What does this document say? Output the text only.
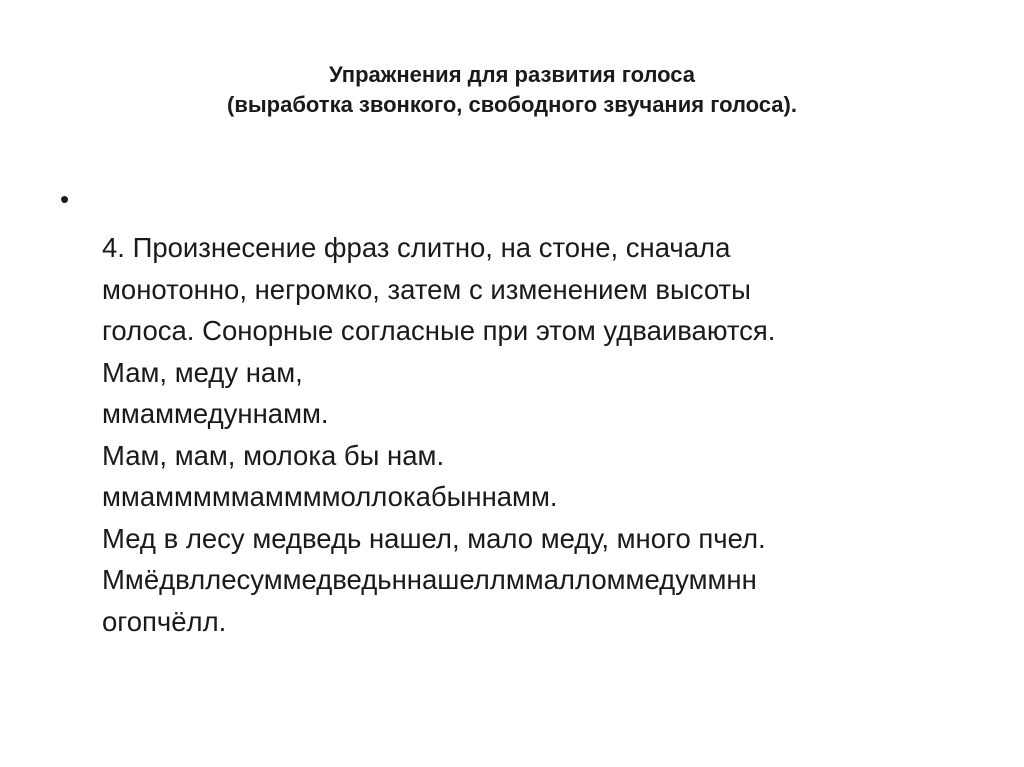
Упражнения для развития голоса
(выработка звонкого, свободного звучания голоса).
•
4. Произнесение фраз слитно, на стоне, сначала
монотонно, негромко, затем с изменением высоты
голоса. Сонорные согласные при этом удваиваются.
Мам, меду нам,
ммаммедуннамм.
Мам, мам, молока бы нам.
ммамммммаммммоллокабыннамм.
Мед в лесу медведь нашел, мало меду, много пчел.
Ммёдвллесуммедведьннашеллммалломмедуммнн
огопчёлл.
